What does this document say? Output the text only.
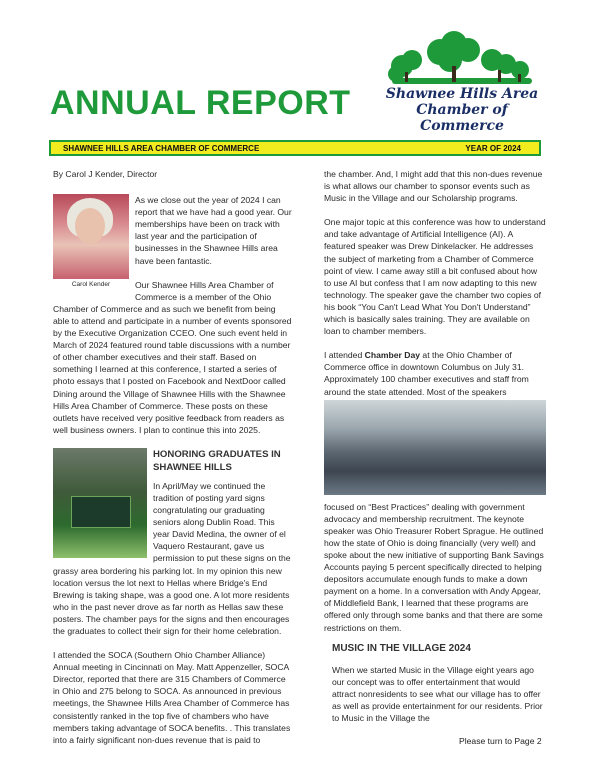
ANNUAL REPORT	Shawnee Hills Area
Chamber of Commerce
SHAWNEE HILLS AREA CHAMBER OF COMMERCE	YEAR OF 2024

By Carol J Kender, Director

As we close out the year of 2024 I can report that we have had a good year. Our memberships have been on track with last year and the participation of businesses in the Shawnee Hills area have been fantastic.

Carol Kender	Our Shawnee Hills Area Chamber of Commerce is a member of the Ohio Chamber of Commerce and as such we benefit from being able to attend and participate in a number of events sponsored by the Executive Organization CCEO. One such event held in March of 2024 featured round table discussions with a number of other chamber executives and their staff. Based on something I learned at this conference, I started a series of photo essays that I posted on Facebook and NextDoor called Dining around the Village of Shawnee Hills with the Shawnee Hills Area Chamber of Commerce. These posts on these outlets have received very positive feedback from readers as well business owners. I plan to continue this into 2025.

HONORING GRADUATES IN SHAWNEE HILLS

In April/May we continued the tradition of posting yard signs congratulating our graduating seniors along Dublin Road. This year David Medina, the owner of el Vaquero Restaurant, gave us permission to put these signs on the grassy area bordering his parking lot. In my opinion this new location versus the lot next to Hellas where Bridge's End Brewing is taking shape, was a good one. A lot more residents who in the past never drove as far north as Hellas saw these posters. The chamber pays for the signs and then encourages the graduates to collect their sign for their home celebration.

I attended the SOCA (Southern Ohio Chamber Alliance) Annual meeting in Cincinnati on May. Matt Appenzeller, SOCA Director, reported that there are 315 Chambers of Commerce in Ohio and 275 belong to SOCA. As announced in previous meetings, the Shawnee Hills Area Chamber of Commerce has consistently ranked in the top five of chambers who have members taking advantage of SOCA benefits. . This translates into a fairly significant non-dues revenue that is paid to

the chamber. And, I might add that this non-dues revenue is what allows our chamber to sponsor events such as Music in the Village and our Scholarship programs.

One major topic at this conference was how to understand and take advantage of Artificial Intelligence (AI). A featured speaker was Drew Dinkelacker. He addresses the subject of marketing from a Chamber of Commerce point of view. I came away still a bit confused about how to use AI but confess that I am now adapting to this new technology. The speaker gave the chamber two copies of his book “You Can't Lead What You Don't Understand” which is basically sales training. They are available on loan to chamber members.

I attended Chamber Day at the Ohio Chamber of Commerce office in downtown Columbus on July 31. Approximately 100 chamber executives and staff from around the state attended. Most of the speakers

focused on “Best Practices” dealing with government advocacy and membership recruitment. The keynote speaker was Ohio Treasurer Robert Sprague. He outlined how the state of Ohio is doing financially (very well) and spoke about the new initiative of supporting Bank Savings Accounts paying 5 percent specifically directed to helping depositors accumulate enough funds to make a down payment on a home. In a conversation with Andy Apgear, of Middlefield Bank, I learned that these programs are offered only through some banks and that there are some restrictions on them.

MUSIC IN THE VILLAGE 2024

When we started Music in the Village eight years ago our concept was to offer entertainment that would attract nonresidents to see what our village has to offer as well as provide entertainment for our residents. Prior to Music in the Village the

Please turn to Page 2
